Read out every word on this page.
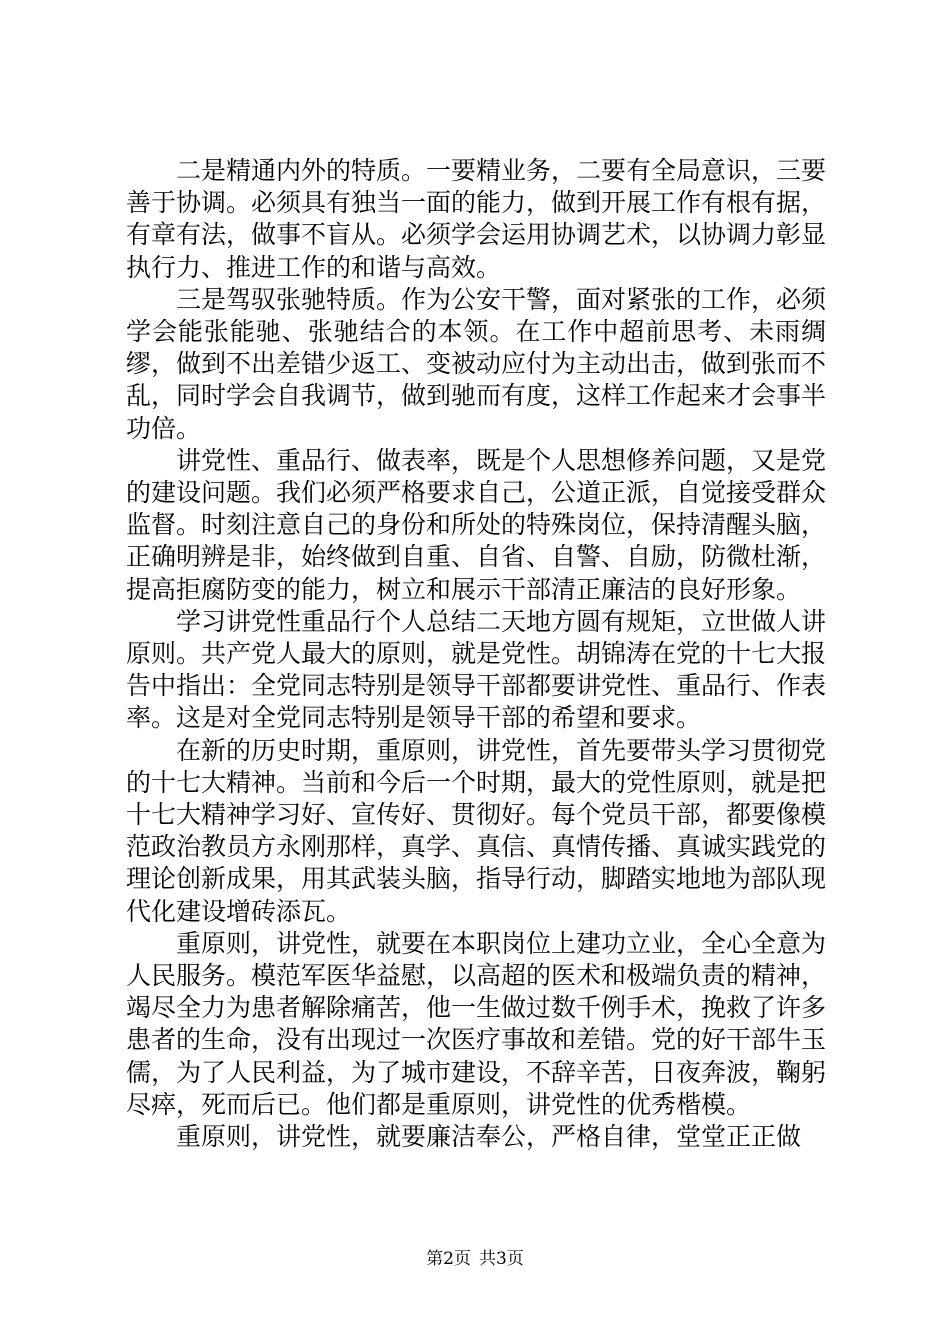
二是精通内外的特质。一要精业务，二要有全局意识，三要善于协调。必须具有独当一面的能力，做到开展工作有根有据，有章有法，做事不盲从。必须学会运用协调艺术，以协调力彰显执行力、推进工作的和谐与高效。

三是驾驭张驰特质。作为公安干警，面对紧张的工作，必须学会能张能驰、张驰结合的本领。在工作中超前思考、未雨绸缪，做到不出差错少返工、变被动应付为主动出击，做到张而不乱，同时学会自我调节，做到驰而有度，这样工作起来才会事半功倍。

讲党性、重品行、做表率，既是个人思想修养问题，又是党的建设问题。我们必须严格要求自己，公道正派，自觉接受群众监督。时刻注意自己的身份和所处的特殊岗位，保持清醒头脑，正确明辨是非，始终做到自重、自省、自警、自励，防微杜渐，提高拒腐防变的能力，树立和展示干部清正廉洁的良好形象。

学习讲党性重品行个人总结二天地方圆有规矩，立世做人讲原则。共产党人最大的原则，就是党性。胡锦涛在党的十七大报告中指出：全党同志特别是领导干部都要讲党性、重品行、作表率。这是对全党同志特别是领导干部的希望和要求。

在新的历史时期，重原则，讲党性，首先要带头学习贯彻党的十七大精神。当前和今后一个时期，最大的党性原则，就是把十七大精神学习好、宣传好、贯彻好。每个党员干部，都要像模范政治教员方永刚那样，真学、真信、真情传播、真诚实践党的理论创新成果，用其武装头脑，指导行动，脚踏实地地为部队现代化建设增砖添瓦。

重原则，讲党性，就要在本职岗位上建功立业，全心全意为人民服务。模范军医华益慰，以高超的医术和极端负责的精神，竭尽全力为患者解除痛苦，他一生做过数千例手术，挽救了许多患者的生命，没有出现过一次医疗事故和差错。党的好干部牛玉儒，为了人民利益，为了城市建设，不辞辛苦，日夜奔波，鞠躬尽瘁，死而后已。他们都是重原则，讲党性的优秀楷模。

重原则，讲党性，就要廉洁奉公，严格自律，堂堂正正做

第2页 共3页
